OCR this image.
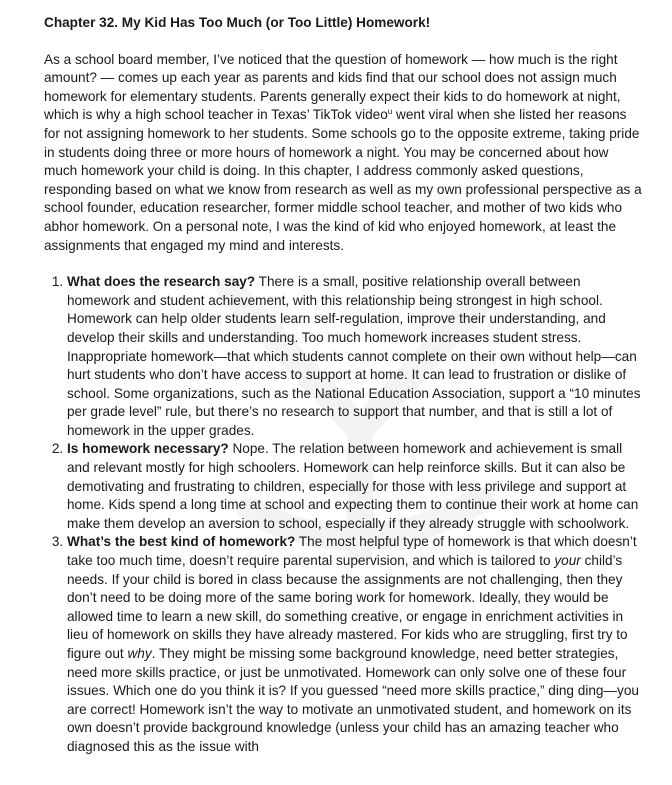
Chapter 32. My Kid Has Too Much (or Too Little) Homework!

As a school board member, I’ve noticed that the question of homework — how much is the right amount? — comes up each year as parents and kids find that our school does not assign much homework for elementary students. Parents generally expect their kids to do homework at night, which is why a high school teacher in Texas’ TikTok video$^u$ went viral when she listed her reasons for not assigning homework to her students. Some schools go to the opposite extreme, taking pride in students doing three or more hours of homework a night. You may be concerned about how much homework your child is doing. In this chapter, I address commonly asked questions, responding based on what we know from research as well as my own professional perspective as a school founder, education researcher, former middle school teacher, and mother of two kids who abhor homework. On a personal note, I was the kind of kid who enjoyed homework, at least the assignments that engaged my mind and interests.

1. What does the research say? There is a small, positive relationship overall between homework and student achievement, with this relationship being strongest in high school. Homework can help older students learn self-regulation, improve their understanding, and develop their skills and understanding. Too much homework increases student stress. Inappropriate homework—that which students cannot complete on their own without help—can hurt students who don’t have access to support at home. It can lead to frustration or dislike of school. Some organizations, such as the National Education Association, support a “10 minutes per grade level” rule, but there’s no research to support that number, and that is still a lot of homework in the upper grades.
2. Is homework necessary? Nope. The relation between homework and achievement is small and relevant mostly for high schoolers. Homework can help reinforce skills. But it can also be demotivating and frustrating to children, especially for those with less privilege and support at home. Kids spend a long time at school and expecting them to continue their work at home can make them develop an aversion to school, especially if they already struggle with schoolwork.
3. What’s the best kind of homework? The most helpful type of homework is that which doesn’t take too much time, doesn’t require parental supervision, and which is tailored to your child’s needs. If your child is bored in class because the assignments are not challenging, then they don’t need to be doing more of the same boring work for homework. Ideally, they would be allowed time to learn a new skill, do something creative, or engage in enrichment activities in lieu of homework on skills they have already mastered. For kids who are struggling, first try to figure out why. They might be missing some background knowledge, need better strategies, need more skills practice, or just be unmotivated. Homework can only solve one of these four issues. Which one do you think it is? If you guessed “need more skills practice,” ding ding—you are correct! Homework isn’t the way to motivate an unmotivated student, and homework on its own doesn’t provide background knowledge (unless your child has an amazing teacher who diagnosed this as the issue with
